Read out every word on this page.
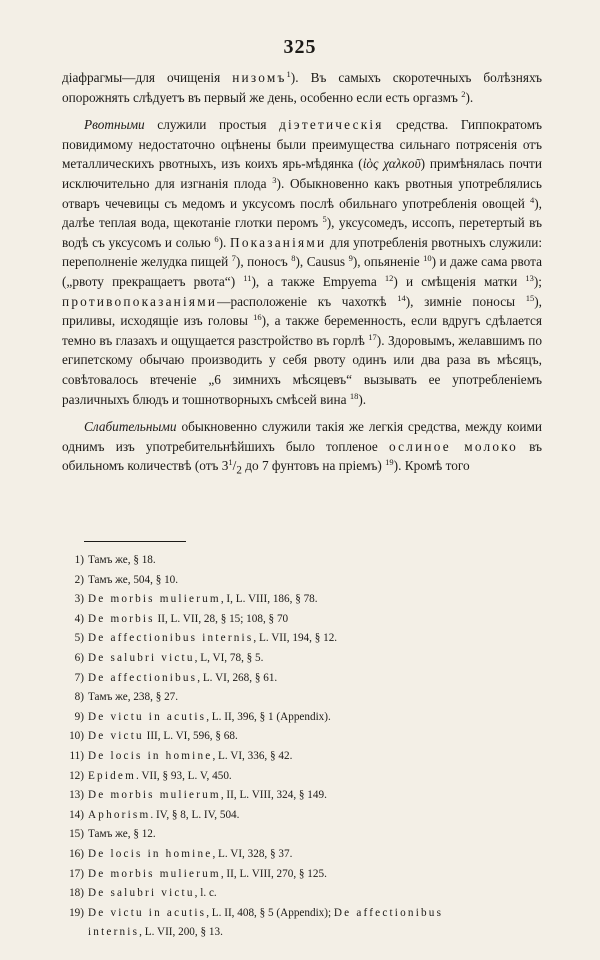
325

діафрагмы—для очищенія низомъ$^1$). Въ самыхъ скоротечныхъ болѣзняхъ опорожнять слѣдуетъ въ первый же день, особенно если есть оргазмъ $^2$).

Рвотными служили простыя діэтетическія средства. Гиппократомъ повидимому недостаточно оцѣнены были преимущества сильнаго потрясенія отъ металлическихъ рвотныхъ, изъ коихъ ярь-мѣдянка (ἰὸς χαλκοῦ) примѣнялась почти исключительно для изгнанія плода $^3$). Обыкновенно какъ рвотныя употреблялись отваръ чечевицы съ медомъ и уксусомъ послѣ обильнаго употребленія овощей $^4$), далѣе теплая вода, щекотаніе глотки перомъ $^5$), уксусомедъ, иссопъ, перетертый въ водѣ съ уксусомъ и солью $^6$). Показаніями для употребленія рвотныхъ служили: переполненіе желудка пищей $^7$), поносъ $^8$), Causus $^9$), опьяненіе $^{10}$) и даже сама рвота („рвоту прекращаетъ рвота“) $^{11}$), а также Empyema $^{12}$) и смѣщенія матки $^{13}$); противопоказаніями—расположеніе къ чахоткѣ $^{14}$), зимніе поносы $^{15}$), приливы, исходящіе изъ головы $^{16}$), а также беременность, если вдругъ сдѣлается темно въ глазахъ и ощущается разстройство въ горлѣ $^{17}$). Здоровымъ, желавшимъ по египетскому обычаю производить у себя рвоту одинъ или два раза въ мѣсяцъ, совѣтовалось втеченіе „6 зимнихъ мѣсяцевъ“ вызывать ее употребленіемъ различныхъ блюдъ и тошнотворныхъ смѣсей вина $^{18}$).

Слабительными обыкновенно служили такія же легкія средства, между коими однимъ изъ употребительнѣйшихъ было топленое ослиное молоко въ обильномъ количествѣ (отъ $3^1/_2$ до 7 фунтовъ на пріемъ) $^{19}$). Кромѣ того

1) Тамъ же, § 18.
2) Тамъ же, 504, § 10.
3) De morbis mulierum, I, L. VIII, 186, § 78.
4) De morbis II, L. VII, 28, § 15; 108, § 70
5) De affectionibus internis, L. VII, 194, § 12.
6) De salubri victu, L, VI, 78, § 5.
7) De affectionibus, L. VI, 268, § 61.
8) Тамъ же, 238, § 27.
9) De victu in acutis, L. II, 396, § 1 (Appendix).
10) De victu III, L. VI, 596, § 68.
11) De locis in homine, L. VI, 336, § 42.
12) Epidem. VII, § 93, L. V, 450.
13) De morbis mulierum, II, L. VIII, 324, § 149.
14) Aphorism. IV, § 8, L. IV, 504.
15) Тамъ же, § 12.
16) De locis in homine, L. VI, 328, § 37.
17) De morbis mulierum, II, L. VIII, 270, § 125.
18) De salubri victu, l. c.
19) De victu in acutis, L. II, 408, § 5 (Appendix); De affectionibus
internis, L. VII, 200, § 13.
